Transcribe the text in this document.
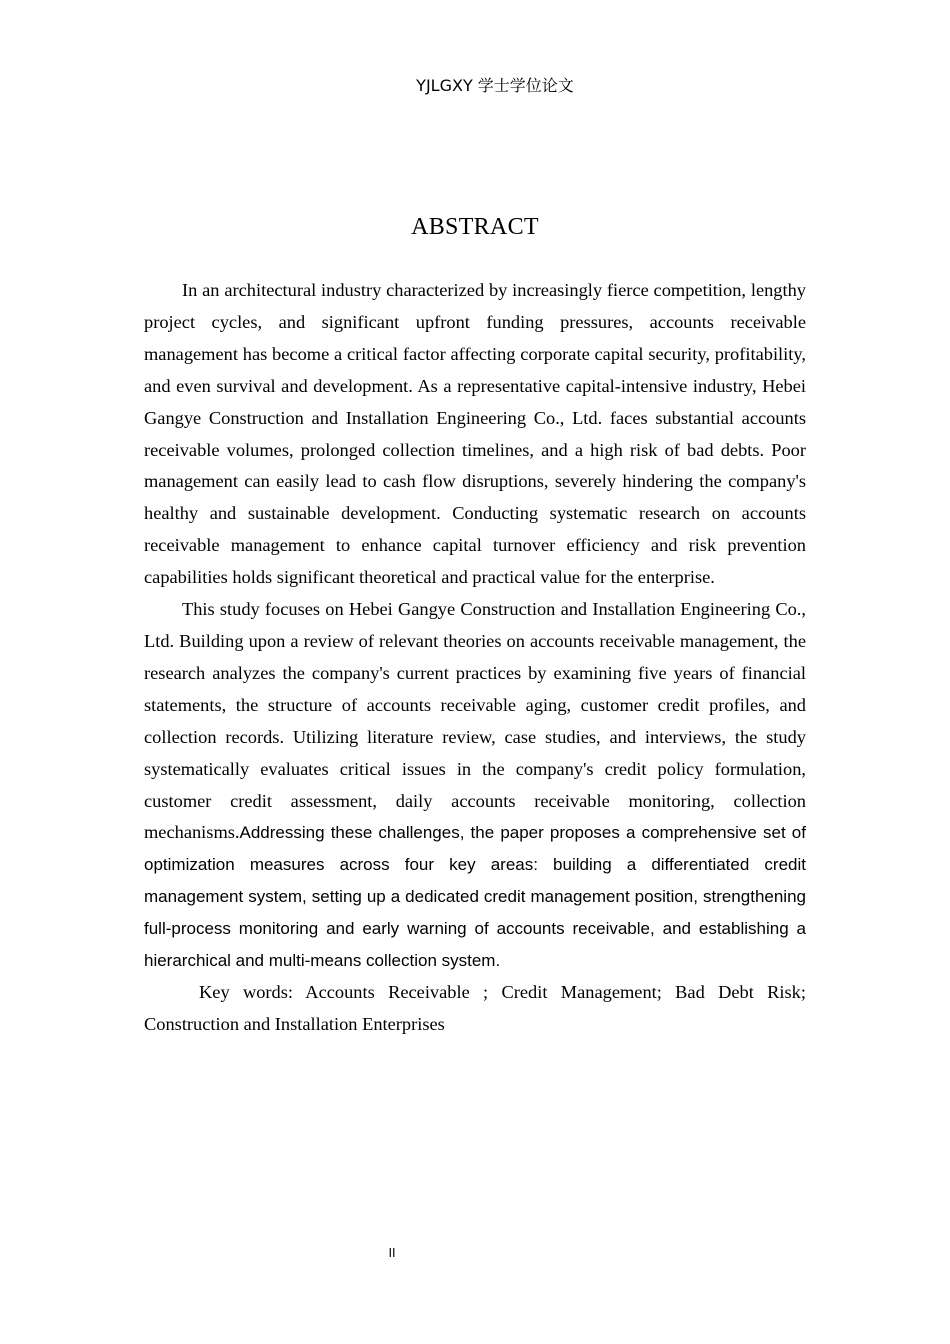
YJLGXY 学士学位论文
ABSTRACT

In an architectural industry characterized by increasingly fierce competition, lengthy project cycles, and significant upfront funding pressures, accounts receivable management has become a critical factor affecting corporate capital security, profitability, and even survival and development. As a representative capital-intensive industry, Hebei Gangye Construction and Installation Engineering Co., Ltd. faces substantial accounts receivable volumes, prolonged collection timelines, and a high risk of bad debts. Poor management can easily lead to cash flow disruptions, severely hindering the company's healthy and sustainable development. Conducting systematic research on accounts receivable management to enhance capital turnover efficiency and risk prevention capabilities holds significant theoretical and practical value for the enterprise.

This study focuses on Hebei Gangye Construction and Installation Engineering Co., Ltd. Building upon a review of relevant theories on accounts receivable management, the research analyzes the company's current practices by examining five years of financial statements, the structure of accounts receivable aging, customer credit profiles, and collection records. Utilizing literature review, case studies, and interviews, the study systematically evaluates critical issues in the company's credit policy formulation, customer credit assessment, daily accounts receivable monitoring, collection mechanisms.Addressing these challenges, the paper proposes a comprehensive set of optimization measures across four key areas: building a differentiated credit management system, setting up a dedicated credit management position, strengthening full-process monitoring and early warning of accounts receivable, and establishing a hierarchical and multi-means collection system.

Key words: Accounts Receivable ; Credit Management; Bad Debt Risk; Construction and Installation Enterprises

II
